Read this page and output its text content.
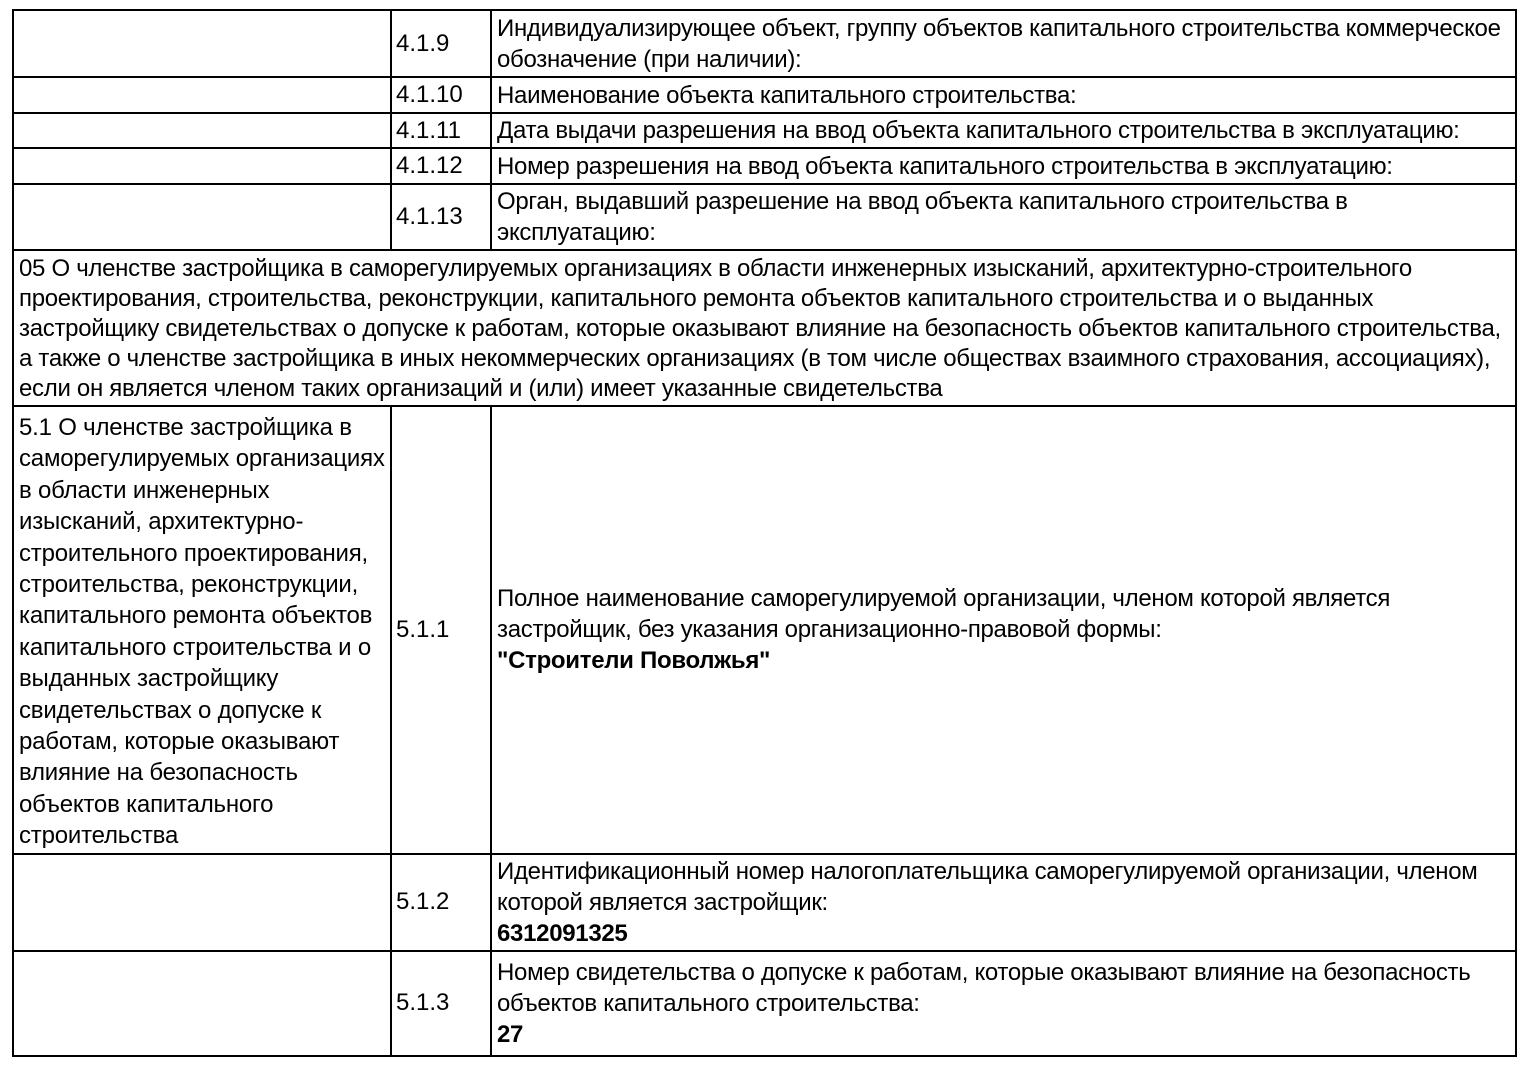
	4.1.9	Индивидуализирующее объект, группу объектов капитального строительства коммерческое обозначение (при наличии):
	4.1.10	Наименование объекта капитального строительства:
	4.1.11	Дата выдачи разрешения на ввод объекта капитального строительства в эксплуатацию:
	4.1.12	Номер разрешения на ввод объекта капитального строительства в эксплуатацию:
	4.1.13	Орган, выдавший разрешение на ввод объекта капитального строительства в эксплуатацию:
05 О членстве застройщика в саморегулируемых организациях в области инженерных изысканий, архитектурно-строительного проектирования, строительства, реконструкции, капитального ремонта объектов капитального строительства и о выданных застройщику свидетельствах о допуске к работам, которые оказывают влияние на безопасность объектов капитального строительства, а также о членстве застройщика в иных некоммерческих организациях (в том числе обществах взаимного страхования, ассоциациях), если он является членом таких организаций и (или) имеет указанные свидетельства		
5.1 О членстве застройщика в саморегулируемых организациях в области инженерных изысканий, архитектурно-строительного проектирования, строительства, реконструкции, капитального ремонта объектов капитального строительства и о выданных застройщику свидетельствах о допуске к работам, которые оказывают влияние на безопасность объектов капитального строительства	5.1.1	Полное наименование саморегулируемой организации, членом которой является застройщик, без указания организационно-правовой формы:
"Строители Поволжья"

	5.1.2	Идентификационный номер налогоплательщика саморегулируемой организации, членом которой является застройщик:
6312091325

	5.1.3	Номер свидетельства о допуске к работам, которые оказывают влияние на безопасность объектов капитального строительства:
27
